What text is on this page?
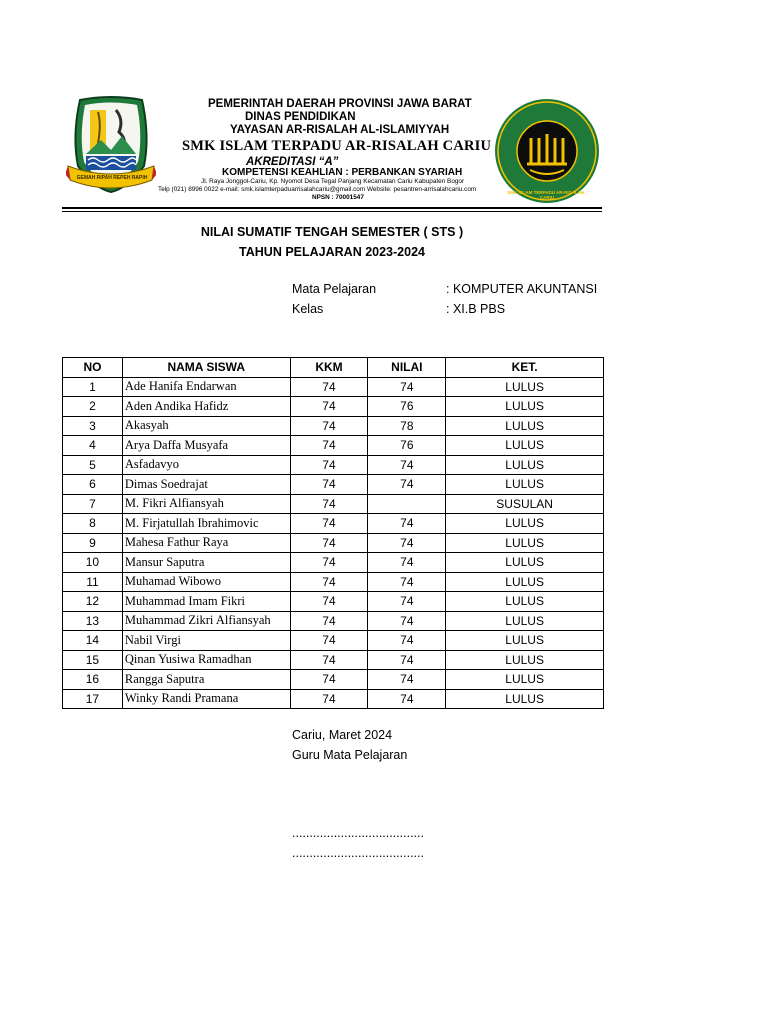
GEMAH RIPAH REPEH RAPIH
SMK ISLAM TERPADU AR-RISALAH · CARIU
PEMERINTAH DAERAH PROVINSI JAWA BARAT
DINAS PENDIDIKAN
YAYASAN AR-RISALAH AL-ISLAMIYYAH
SMK ISLAM TERPADU AR-RISALAH CARIU
AKREDITASI “A”
KOMPETENSI KEAHLIAN : PERBANKAN SYARIAH
Jl. Raya Jonggol-Cariu, Kp. Nyomot Desa Tegal Panjang Kecamatan Cariu Kabupaten Bogor
Telp (021) 8996 0022 e-mail: smk.islamterpaduarrisalahcariu@gmail.com Website: pesantren-arrisalahcariu.com
NPSN : 70001547
NILAI SUMATIF TENGAH SEMESTER ( STS )
TAHUN PELAJARAN 2023-2024
Mata Pelajaran	: KOMPUTER AKUNTANSI
Kelas	: XI.B PBS
NO	NAMA SISWA	KKM	NILAI	KET.
1	Ade Hanifa Endarwan	74	74	LULUS
2	Aden Andika Hafidz	74	76	LULUS
3	Akasyah	74	78	LULUS
4	Arya Daffa Musyafa	74	76	LULUS
5	Asfadavyo	74	74	LULUS
6	Dimas Soedrajat	74	74	LULUS
7	M. Fikri Alfiansyah	74		SUSULAN
8	M. Firjatullah Ibrahimovic	74	74	LULUS
9	Mahesa Fathur Raya	74	74	LULUS
10	Mansur Saputra	74	74	LULUS
11	Muhamad Wibowo	74	74	LULUS
12	Muhammad Imam Fikri	74	74	LULUS
13	Muhammad Zikri Alfiansyah	74	74	LULUS
14	Nabil Virgi	74	74	LULUS
15	Qinan Yusiwa Ramadhan	74	74	LULUS
16	Rangga Saputra	74	74	LULUS
17	Winky Randi Pramana	74	74	LULUS
Cariu, Maret 2024
Guru Mata Pelajaran
......................................
......................................
